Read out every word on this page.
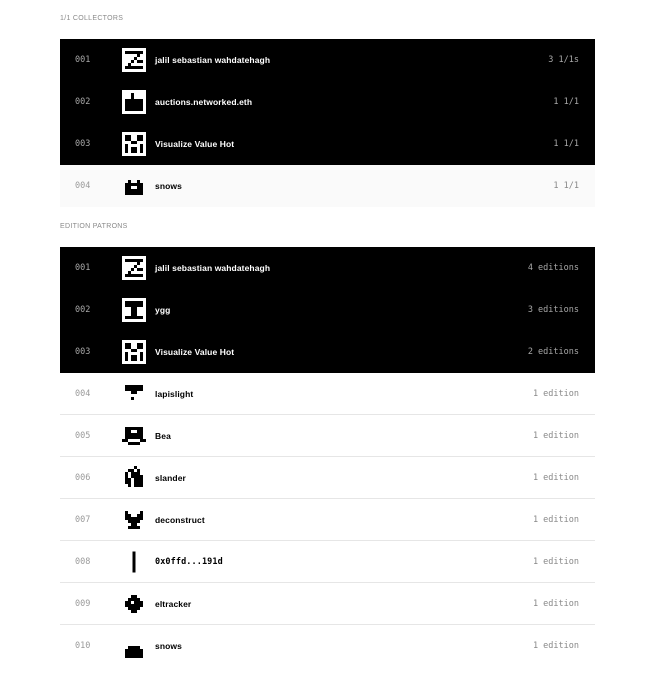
1/1 COLLECTORS
001	jalil sebastian wahdatehagh	3 1/1s
002	auctions.networked.eth	1 1/1
003	Visualize Value Hot	1 1/1
004	snows	1 1/1
EDITION PATRONS
001	jalil sebastian wahdatehagh	4 editions
002	ygg	3 editions
003	Visualize Value Hot	2 editions
004	lapislight	1 edition
005	Bea	1 edition
006	slander	1 edition
007	deconstruct	1 edition
008	0x0ffd...191d	1 edition
009	eltracker	1 edition
010	snows	1 edition
